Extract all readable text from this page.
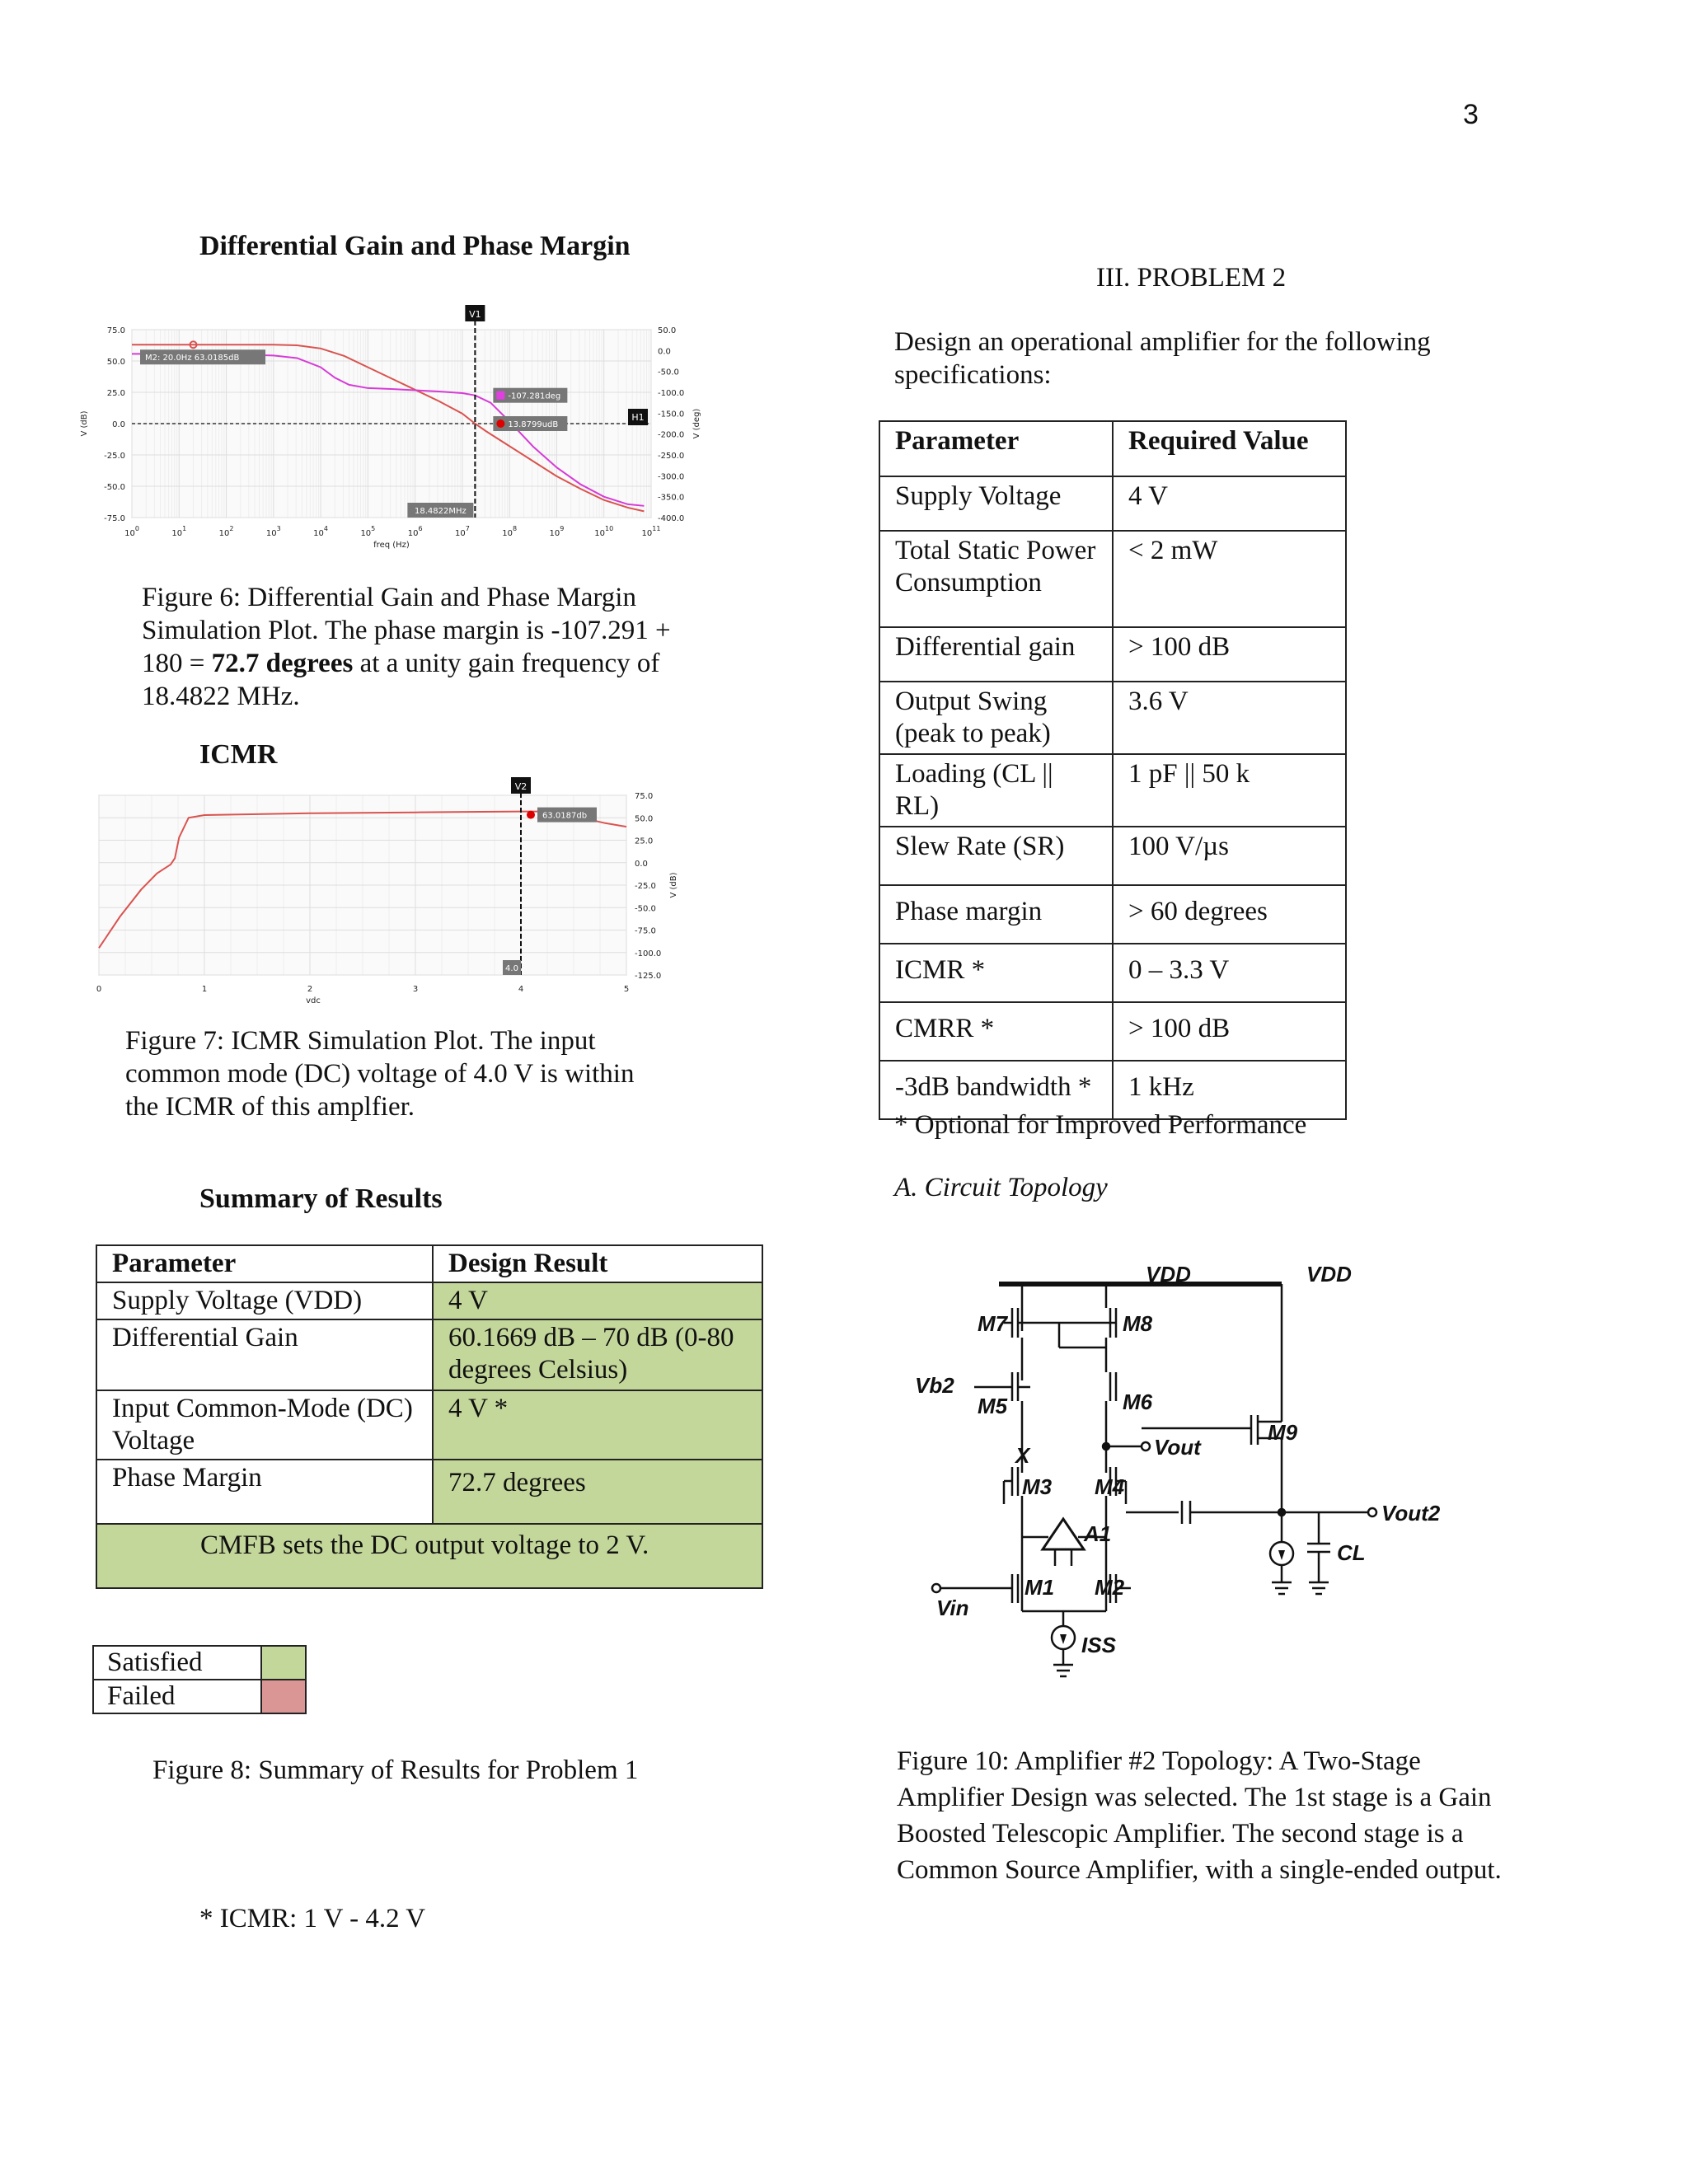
3
Differential Gain and Phase Margin
75.0
50.0
25.0
0.0
-25.0
-50.0
-75.0
50.0
0.0
-50.0
-100.0
-150.0
-200.0
-250.0
-300.0
-350.0
-400.0
$10^0$
$10^1$
$10^2$
$10^3$
$10^4$
$10^5$
$10^6$
$10^7$
$10^8$
$10^9$
$10^{10}$
$10^{11}$
freq (Hz)
V (dB)	V (deg)
V1
18.4822MHz
M2: 20.0Hz 63.0185dB
-107.281deg
13.8799udB
H1
Figure 6: Differential Gain and Phase Margin Simulation Plot. The phase margin is -107.291 + 180 = 72.7 degrees at a unity gain frequency of 18.4822 MHz.
ICMR
75.0
50.0
25.0
0.0
-25.0
-50.0
-75.0
-100.0
-125.0
0	1	2	3	4	5
vdc
V (dB)
V2
4.0
63.0187db
Figure 7: ICMR Simulation Plot. The input common mode (DC) voltage of 4.0 V is within the ICMR of this amplfier.
Summary of Results
Parameter	Design Result
Supply Voltage (VDD)	4 V
Differential Gain	60.1669 dB – 70 dB (0-80 degrees Celsius)
Input Common-Mode (DC) Voltage	4 V *
Phase Margin	72.7 degrees
CMFB sets the DC output voltage to 2 V.	
Satisfied	
Failed	
Figure 8: Summary of Results for Problem 1
* ICMR: 1 V - 4.2 V
III. PROBLEM 2
Design an operational amplifier for the following specifications:
Parameter	Required Value
Supply Voltage	4 V
Total Static Power Consumption	< 2 mW
Differential gain	> 100 dB
Output Swing (peak to peak)	3.6 V
Loading (CL || RL)	1 pF || 50 k
Slew Rate (SR)	100 V/µs
Phase margin	> 60 degrees
ICMR *	0 – 3.3 V
CMRR *	> 100 dB
-3dB bandwidth *	1 kHz
* Optional for Improved Performance
A. Circuit Topology
VDD	VDD
M7	M8
Vb2
M5	M6
X	Vout
M9
M3 M4
A1
Vout2
CL
M1 M2
Vin
ISS
Figure 10: Amplifier #2 Topology: A Two-Stage Amplifier Design was selected. The 1st stage is a Gain Boosted Telescopic Amplifier. The second stage is a Common Source Amplifier, with a single-ended output.
